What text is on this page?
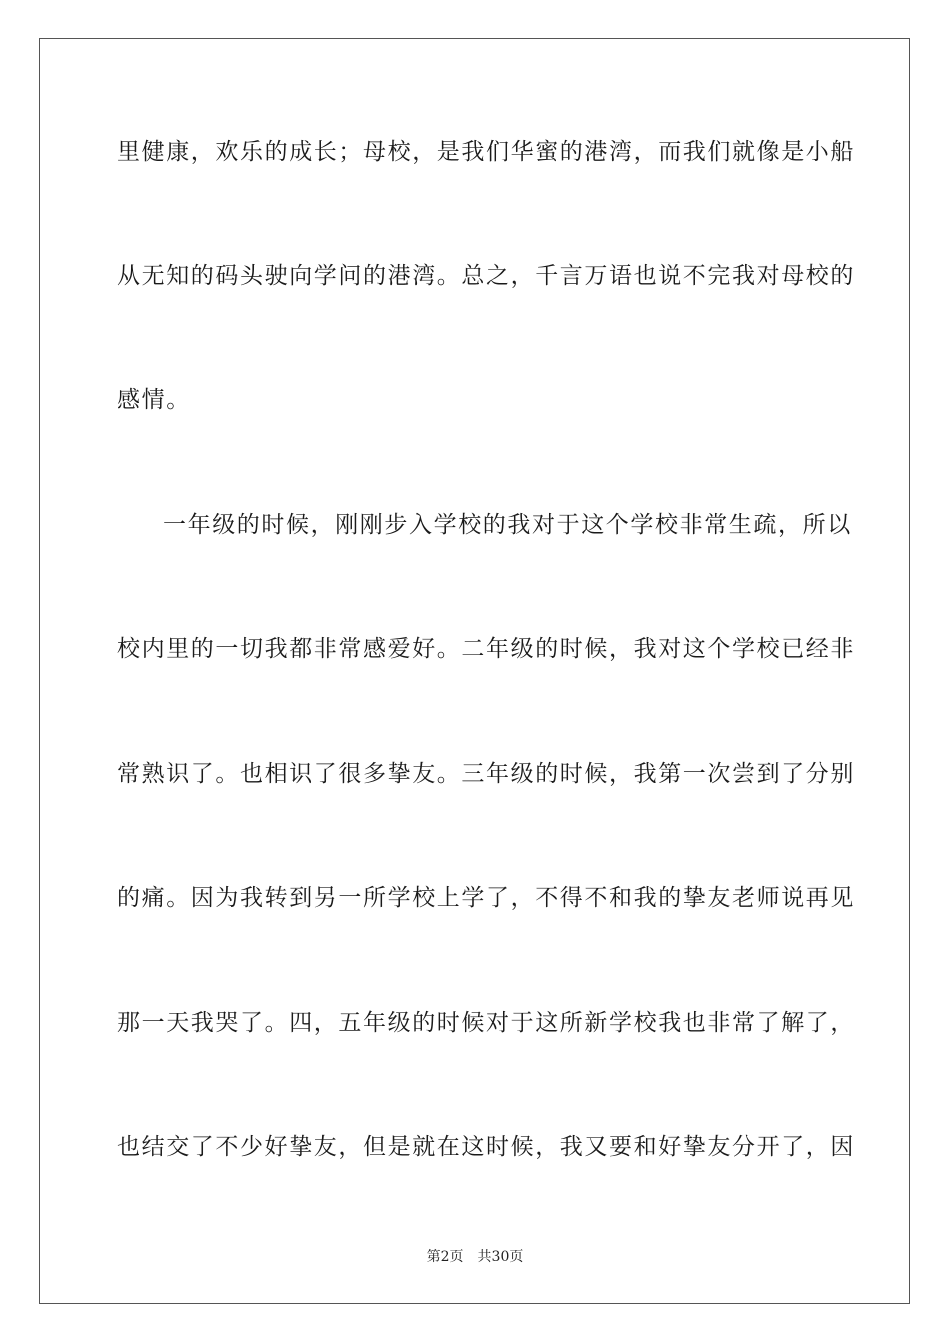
里健康，欢乐的成长；母校，是我们华蜜的港湾，而我们就像是小船
从无知的码头驶向学问的港湾。总之，千言万语也说不完我对母校的
感情。
一年级的时候，刚刚步入学校的我对于这个学校非常生疏，所以
校内里的一切我都非常感爱好。二年级的时候，我对这个学校已经非
常熟识了。也相识了很多挚友。三年级的时候，我第一次尝到了分别
的痛。因为我转到另一所学校上学了，不得不和我的挚友老师说再见
那一天我哭了。四，五年级的时候对于这所新学校我也非常了解了，
也结交了不少好挚友，但是就在这时候，我又要和好挚友分开了，因
第2页 共30页
